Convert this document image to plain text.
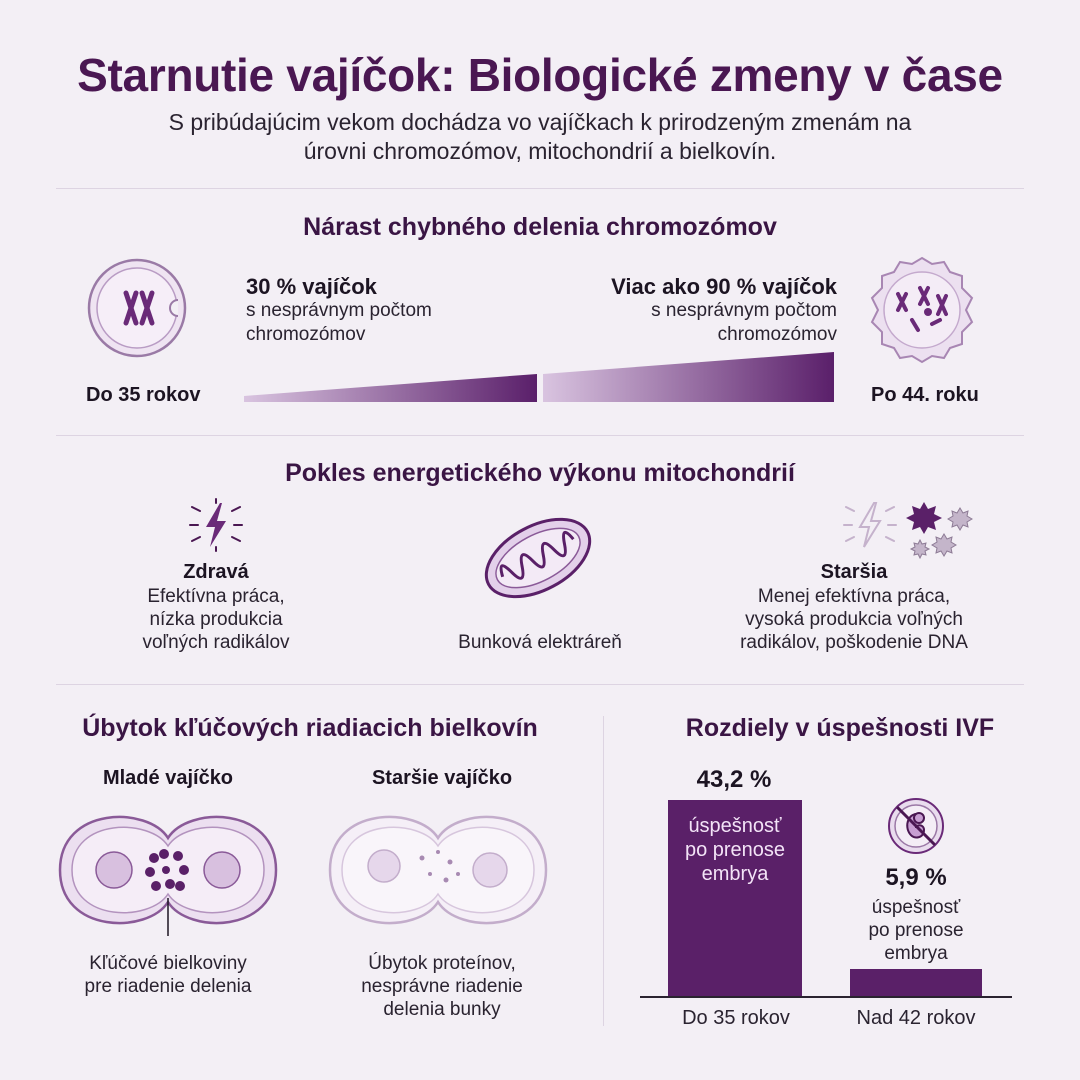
Starnutie vajíčok: Biologické zmeny v čase
S pribúdajúcim vekom dochádza vo vajíčkach k prirodzeným zmenám na úrovni chromozómov, mitochondrií a bielkovín.
Nárast chybného delenia chromozómov
Do 35 rokov
30 % vajíčok
s nesprávnym počtom
chromozómov
Viac ako 90 % vajíčok
s nesprávnym počtom
chromozómov
Po 44. roku
Pokles energetického výkonu mitochondrií
Zdravá
Efektívna práca,
nízka produkcia
voľných radikálov	Bunková elektráreň
Staršia
Menej efektívna práca,
vysoká produkcia voľných
radikálov, poškodenie DNA
Úbytok kľúčových riadiacich bielkovín
Mladé vajíčko
Kľúčové bielkoviny
pre riadenie delenia
Staršie vajíčko
Úbytok proteínov,
nesprávne riadenie
delenia bunky
Rozdiely v úspešnosti IVF
43,2 %
úspešnosť
po prenose
embrya
Do 35 rokov
5,9 %
úspešnosť
po prenose
embrya
Nad 42 rokov
